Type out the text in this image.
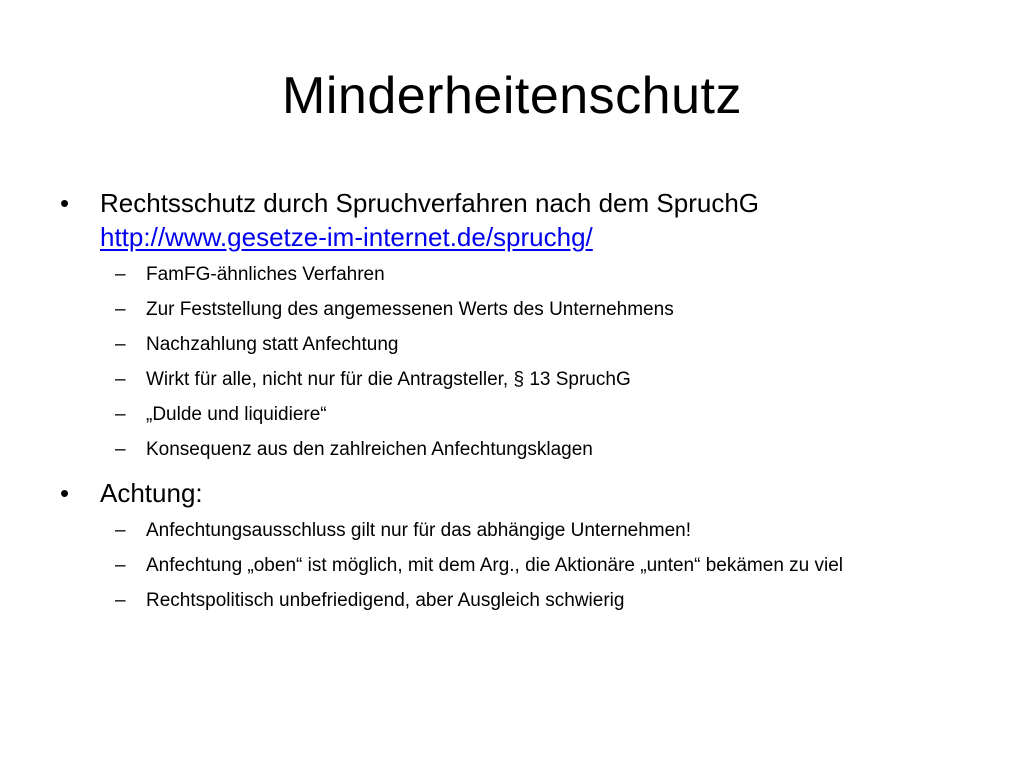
Minderheitenschutz
•	Rechtsschutz durch Spruchverfahren nach dem SpruchG
http://www.gesetze-im-internet.de/spruchg/
– FamFG-ähnliches Verfahren
– Zur Feststellung des angemessenen Werts des Unternehmens
– Nachzahlung statt Anfechtung
– Wirkt für alle, nicht nur für die Antragsteller, § 13 SpruchG
– „Dulde und liquidiere“
– Konsequenz aus den zahlreichen Anfechtungsklagen
•	Achtung:
– Anfechtungsausschluss gilt nur für das abhängige Unternehmen!
– Anfechtung „oben“ ist möglich, mit dem Arg., die Aktionäre „unten“ bekämen zu viel
– Rechtspolitisch unbefriedigend, aber Ausgleich schwierig
